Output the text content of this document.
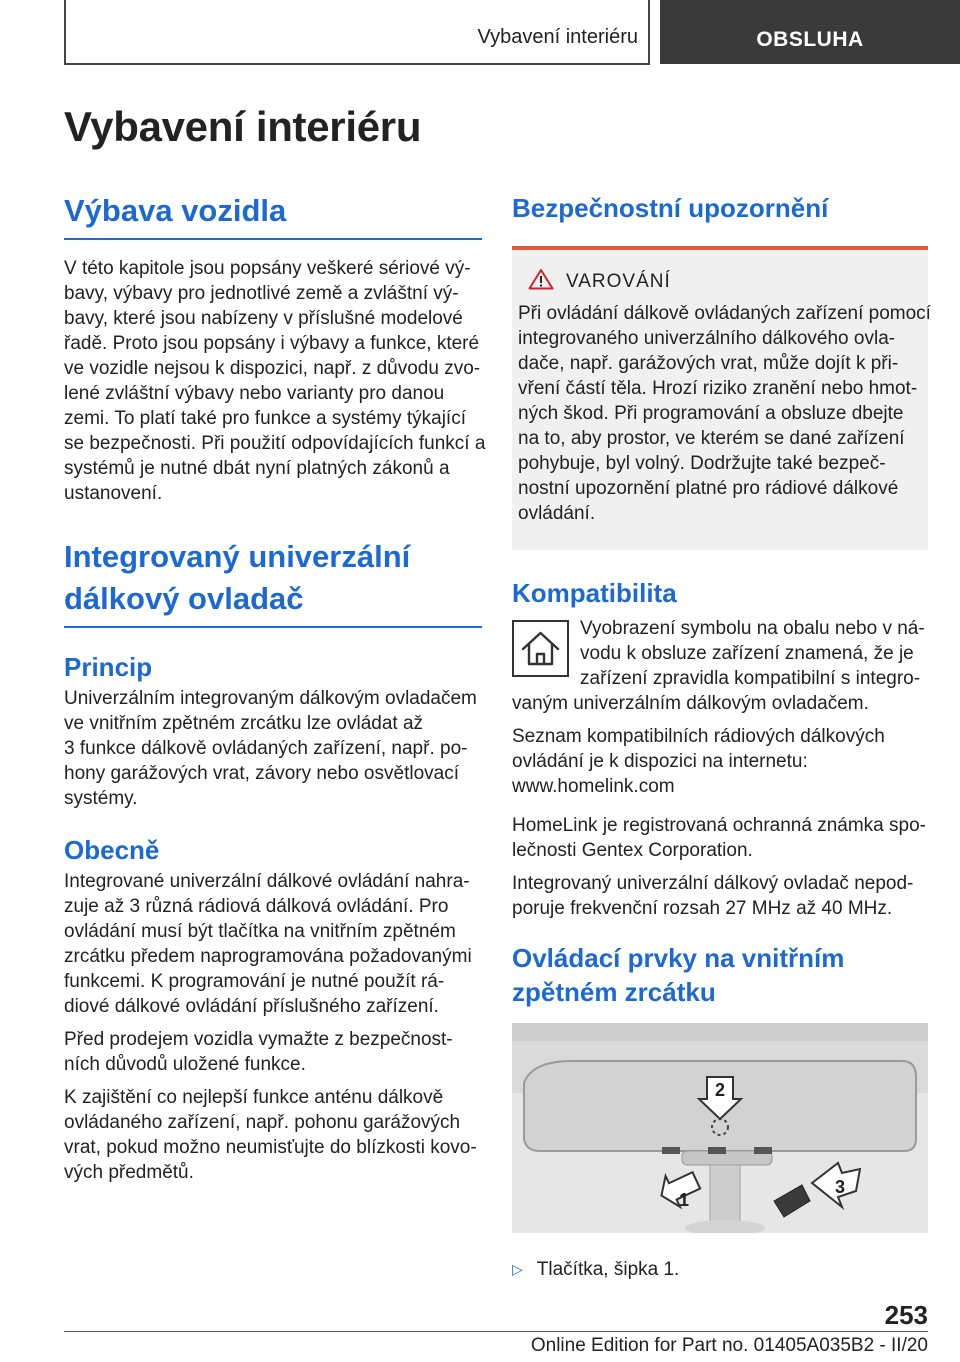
Vybavení interiéru	OBSLUHA
Vybavení interiéru
Výbava vozidla

V této kapitole jsou popsány veškeré sériové vý‐
bavy, výbavy pro jednotlivé země a zvláštní vý‐
bavy, které jsou nabízeny v příslušné modelové
řadě. Proto jsou popsány i výbavy a funkce, které
ve vozidle nejsou k dispozici, např. z důvodu zvo‐
lené zvláštní výbavy nebo varianty pro danou
zemi. To platí také pro funkce a systémy týkající
se bezpečnosti. Při použití odpovídajících funkcí a
systémů je nutné dbát nyní platných zákonů a
ustanovení.

Integrovaný univerzální
dálkový ovladač
Princip

Univerzálním integrovaným dálkovým ovladačem
ve vnitřním zpětném zrcátku lze ovládat až
3 funkce dálkově ovládaných zařízení, např. po‐
hony garážových vrat, závory nebo osvětlovací
systémy.

Obecně

Integrované univerzální dálkové ovládání nahra‐
zuje až 3 různá rádiová dálková ovládání. Pro
ovládání musí být tlačítka na vnitřním zpětném
zrcátku předem naprogramována požadovanými
funkcemi. K programování je nutné použít rá‐
diové dálkové ovládání příslušného zařízení.

Před prodejem vozidla vymažte z bezpečnost‐
ních důvodů uložené funkce.

K zajištění co nejlepší funkce anténu dálkově
ovládaného zařízení, např. pohonu garážových
vrat, pokud možno neumisťujte do blízkosti kovo‐
vých předmětů.

Bezpečnostní upozornění
VAROVÁNÍ

Při ovládání dálkově ovládaných zařízení pomocí
integrovaného univerzálního dálkového ovla‐
dače, např. garážových vrat, může dojít k při‐
vření částí těla. Hrozí riziko zranění nebo hmot‐
ných škod. Při programování a obsluze dbejte
na to, aby prostor, ve kterém se dané zařízení
pohybuje, byl volný. Dodržujte také bezpeč‐
nostní upozornění platné pro rádiové dálkové
ovládání.

Kompatibilita

Vyobrazení symbolu na obalu nebo v ná‐
vodu k obsluze zařízení znamená, že je
zařízení zpravidla kompatibilní s integro‐

vaným univerzálním dálkovým ovladačem.

Seznam kompatibilních rádiových dálkových
ovládání je k dispozici na internetu:
www.homelink.com

HomeLink je registrovaná ochranná známka spo‐
lečnosti Gentex Corporation.

Integrovaný univerzální dálkový ovladač nepod‐
poruje frekvenční rozsah 27 MHz až 40 MHz.

Ovládací prvky na vnitřním
zpětném zrcátku
2
1
3
▷ Tlačítka, šipka 1.
253
Online Edition for Part no. 01405A035B2 - II/20
